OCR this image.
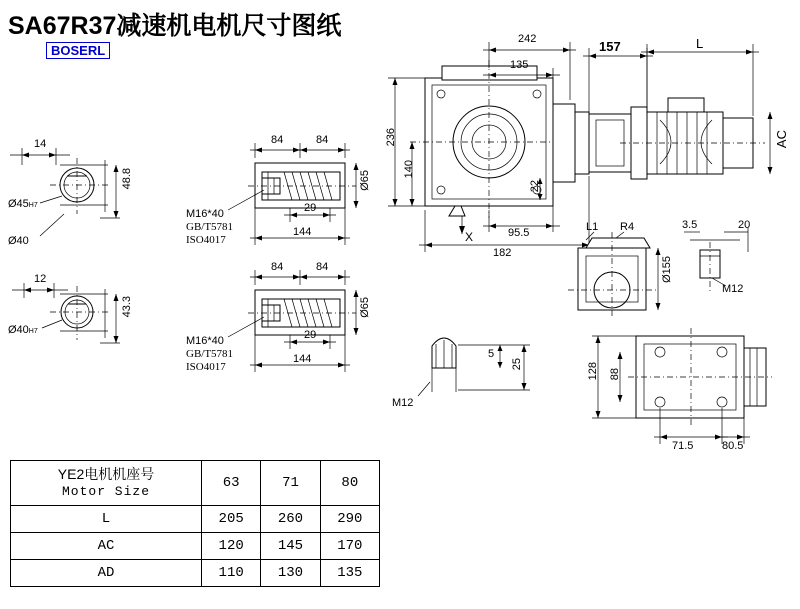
SA67R37减速机电机尺寸图纸
BOSERL
14
Ø45H7
48.8
Ø40
12
Ø40H7
43.3
84	84
29
144
Ø65
M16*40
GB/T5781
ISO4017
84	84
29
144
Ø65
M16*40
GB/T5781
ISO4017
242
135
157	L
AC
236
140
22
95.5
182
X
L1 R4	3.5	20
Ø155
M12
M12
5
25	128 88
71.5	80.5
YE2电机机座号
Motor Size	63	71	80
L	205	260	290
AC	120	145	170
AD	110	130	135
